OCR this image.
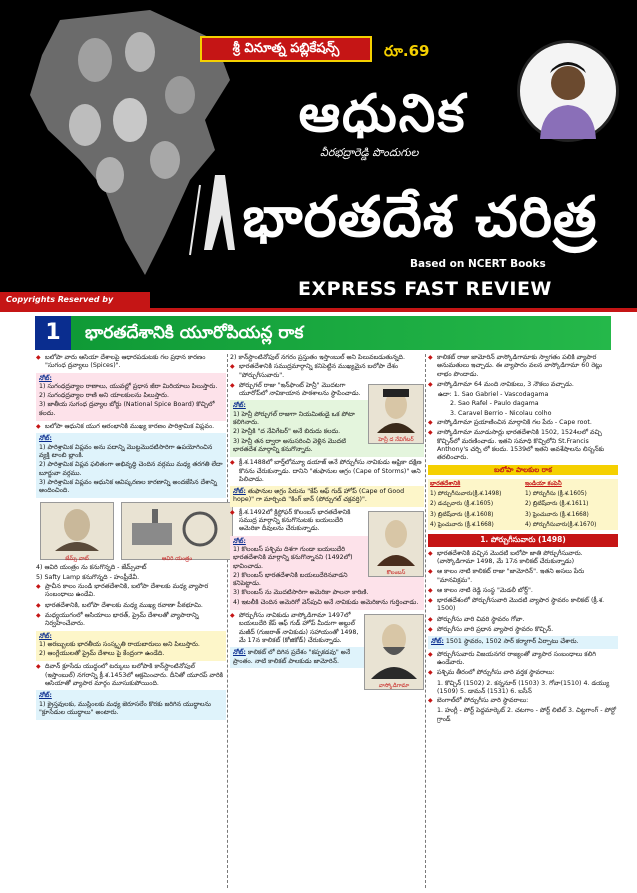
శ్రీ వినూత్న పబ్లికేషన్స్	రూ.69
ఆధునిక
వీరభద్రారెడ్డి పొందుగుల
భారతదేశ చరిత్ర
Based on NCERT Books
Copyrights Reserved by	EXPRESS FAST REVIEW
1	భారతదేశానికి యూరోపియన్ల రాక
◆ బలోపా వారు ఆసియా దేశాలపై ఆధారపడుటకు గల ప్రధాన కారణం "సుగంధ ద్రవ్యాలు (Spices)".
నోట్:
1) సుగంధద్రవ్యాల రాణాలు, యువల్లో ప్రధాన జీరా మిరియాలు పిలుస్తారు.
2) సుగంధద్రవ్యాల రాణి అని యాలకులను పిలుస్తారు.
3) జాతీయ సుగంధ ద్రవ్యాల బోర్డు (National Spice Board) కొచ్చిలో కలదు.
◆ బలోపా ఆధునిక యుగ ఆరంభానికి ముఖ్య కారణం పారిశ్రామిక విప్లవం.
నోట్:
1) పారిశ్రామిక విప్లవం అను పదాన్ని మొట్టమొదటిసారిగా ఉపయోగించిన వ్యక్తి టాంబి బ్లాంకి.
2) పారిశ్రామిక విప్లవ ఫలితంగా అభివృద్ధి చెందిన వర్గము మధ్య తరగతి లేదా బూర్జువా వర్గము.
3) పారిశ్రామిక విప్లవం ఆధునిక ఆవిష్కరణల కారణాన్ని అందజేసిన దేశాన్ని అందించింది.
జేమ్స్ వాట్	ఆవిరి యంత్రం
4) ఆవిరి యంత్రం ను కనుగొన్నది - జేమ్స్‌వాట్
5) Safty Lamp కనుగొన్నది - హంఫ్రీడేవీ.
◆ ప్రాచీన కాలం నుండి భారతదేశానికి, బలోపా దేశాలకు మధ్య వ్యాపార సంబంధాలు ఉండేవి.
◆ భారతదేశానికి, బలోపా దేశాలకు మధ్య ముఖ్య రవాణా పీఠభూమి.
◆ మధ్యయుగంలో ఆసియాలు భారత్, ప్రైమ్ దేశాలతో వ్యాపారాన్ని నిర్వహించేవారు.
నోట్:
1) అరబ్బులకు భారతీయ సంస్కృతి రాయబారులు అని పిలుస్తారు.
2) ఆంగ్లేయులతో ప్రైమ్ దేశాలు పై కేంద్రంగా ఉండేది.
◆ దివాన్ క్రూసేడు యుద్ధంలో టర్కులు బలోపాకి కాన్‌స్టాంటినోపుల్ (ఇస్తాంబుల్) నగరాన్ని క్రీ.శ.1453లో ఆక్రమించారు. దీనితో యూరప్ వారికి ఆసియాతో వ్యాపార మార్గం మూసుకుపోయింది.
నోట్:
1) క్రైస్తవులకు, ముస్లింలకు మధ్య జెరూసలేం కొరకు జరిగిన యుద్ధాలను "క్రూసేడుల యుద్ధాలు" అంటారు.
2) కాన్‌స్టాంటినోపుల్ నగరం ప్రస్తుతం ఇస్తాంబుల్ అని పిలువబడుతున్నది.
◆ భారతదేశానికి సముద్రమార్గాన్ని కనిపెట్టిన ముఖ్యమైన బలోపా దేశం "పోర్చుగీసువారు".
హెన్రీ ద నేవిగేటర్
◆ పోర్చుగల్ రాజు "ఇన్‌ఫాంట్ హెన్రీ" మొదటగా యూరోప్‌లో నావికాయాన పాఠశాలను స్థాపించాడు.
నోట్:
1) హెన్రీ పోర్చుగల్ రాజుగా నియమితుడై ఒక పోటా కలిగినారు.
2) హెన్రీకి "ద నేవిగేటర్" అనే బిరుదు కలదు.
3) హెన్రీ తన ద్వారా అనుసరించి వెళ్లిన మొదటి భారతదేశ మార్గాన్ని కనుగొన్నారు.
◆ క్రీ.శ.1488లో బార్త్‌లోమ్యూ డయాజ్ అనే పోర్చుగీసు నావికుడు ఆఫ్రికా దక్షిణ కొనను చేరుకున్నాడు. దానిని "తుఫానుల అగ్రం (Cape of Storms)" అని పిలిచాడు.
నోట్: తుఫానుల అగ్రం పేరును "కేప్ ఆఫ్ గుడ్ హోప్ (Cape of Good hope)" గా మార్చింది "కింగ్ జాన్ (పోర్చుగల్ చక్రవర్తి)".
కొలంబస్
◆ క్రీ.శ.1492లో క్రిస్టోఫర్ కొలంబస్ భారతదేశానికి సముద్ర మార్గాన్ని కనుగొనుటకు బయలుదేరి అమెరికా దీవులను చేరుకున్నాడు.
నోట్:
1) కొలంబస్ పశ్చిమ దిశగా గుండా బయలుదేరి భారతదేశానికి మార్గాన్ని కనుగొన్నానని (1492లో) భావించాడు.
2) కొలంబస్ భారతదేశానికి బయలుదేరినవాడని కనిపెట్టాడు.
3) కొలంబస్ ను మొదటిసారిగా అమెరికా పాలనా కారిణి.
4) ఇటలీకి చెందిన అమెరిగో వెస్‌పుచి అనే నావికుడు అమెరికాను గుర్తించాడు.
వాస్కోడిగామా
◆ పోర్చుగీసు నావికుడు వాస్కోడిగామా 1497లో బయలుదేరి కేప్ ఆఫ్ గుడ్ హోప్ మీదుగా అబ్దుల్ మజీద్ (గుజరాత్ నావికుడు) సహాయంతో 1498, మే 17న కాలికట్ (కోజికోడ్) చేరుకున్నాడు.
నోట్: కాలికట్ లో దిగిన ప్రదేశం "కప్పకడవు" అనే ప్రాంతం. నాటి కాలికట్ పాలకుడు జామోరిన్.
◆ కాలికట్ రాజు జామోరిన్ వాస్కోడిగామాకు స్వాగతం పలికి వ్యాపార అనుమతులు ఇచ్చాడు. ఈ వ్యాపారం వలన వాస్కోడిగామా 60 రెట్లు లాభం పొందాడు.
◆ వాస్కోడిగామా 64 మంది నావికులు, 3 నౌకలు వచ్చాడు.
ఉదా: 1. Sao Gabriel - Vascodagama
2. Sao Rafel - Paulo dagama
3. Caravel Berrio - Nicolau colho
◆ వాస్కోడిగామా ప్రయాణించిన మార్గానికి గల పేరు - Cape root.
◆ వాస్కోడిగామా మూడుసార్లు భారతదేశానికి 1502, 1524లలో వచ్చి కొచ్చిన్‌లో మరణించాడు. ఇతని సమాధి కొచ్చిలోని St.Francis Anthony's చర్చి లో కలదు. 1539లో ఇతని అవశేషాలను లిస్బన్‌కు తరలించారు.
బలోపా పాలకుల రాక
భారతదేశానికి	ఇండియా కంపెనీ
1) పోర్చుగీసువారు(క్రీ.శ.1498)	1) పోర్చుగీసు (క్రీ.శ.1605)
2) డచ్చువారు (క్రీ.శ.1605)	2) బ్రిటిష్‌వారు (క్రీ.శ.1611)
3) బ్రిటిష్‌వారు (క్రీ.శ.1608)	3) ఫ్రెంచువారు (క్రీ.శ.1668)
4) ఫ్రెంచువారు (క్రీ.శ.1668)	4) పోర్చుగీసువారు(క్రీ.శ.1670)
1. పోర్చుగీసువారు (1498)
◆ భారతదేశానికి వచ్చిన మొదటి బలోపా జాతి పోర్చుగీసువారు. (వాస్కోడిగామా 1498, మే 17న కాలికట్ చేరుకున్నాడు)
◆ ఆ కాలం నాటి కాలికట్ రాజు "జామోరిన్". ఇతని అసలు పేరు "మానవిక్రమ".
◆ ఆ కాలం నాటి రెడ్డి సంస్థ "మెడలీ బోర్డ్".
◆ భారతదేశంలో పోర్చుగీసువారి మొదటి వ్యాపార స్థావరం కాలికట్ (క్రీ.శ. 1500)
◆ పోర్చుగీసు వారి చివరి స్థావరం గోవా.
◆ పోర్చుగీసు వారి ప్రధాన వ్యాపార స్థావరం కొచ్చిన్.
నోట్: 1501 స్థావరం, 1502 సార్ కర్మాగార్ ఏర్పాటు చేశారు.
◆ పోర్చుగీసువారు విజయనగర రాజ్యంతో వ్యాపార సంబంధాలు కలిగి ఉండేవారు.
◆ పశ్చిమ తీరంలో పోర్చుగీసు వారి వర్తక స్థావరాలు:
1. కొచ్చిన్ (1502) 2. కన్ననూర్ (1503) 3. గోవా(1510) 4. డయ్యు (1509) 5. డామన్ (1531) 6. బసీన్
◆ బెంగాల్‌లో పోర్చుగీసు వారి స్థావరాలు:
1. హుగ్లీ - పోర్ట్ పెద్దమార్కెట్ 2. చటగాం - పోర్ట్ లిటిల్ 3. చిట్టగాంగ్ - పోర్టో గ్రాండ్
